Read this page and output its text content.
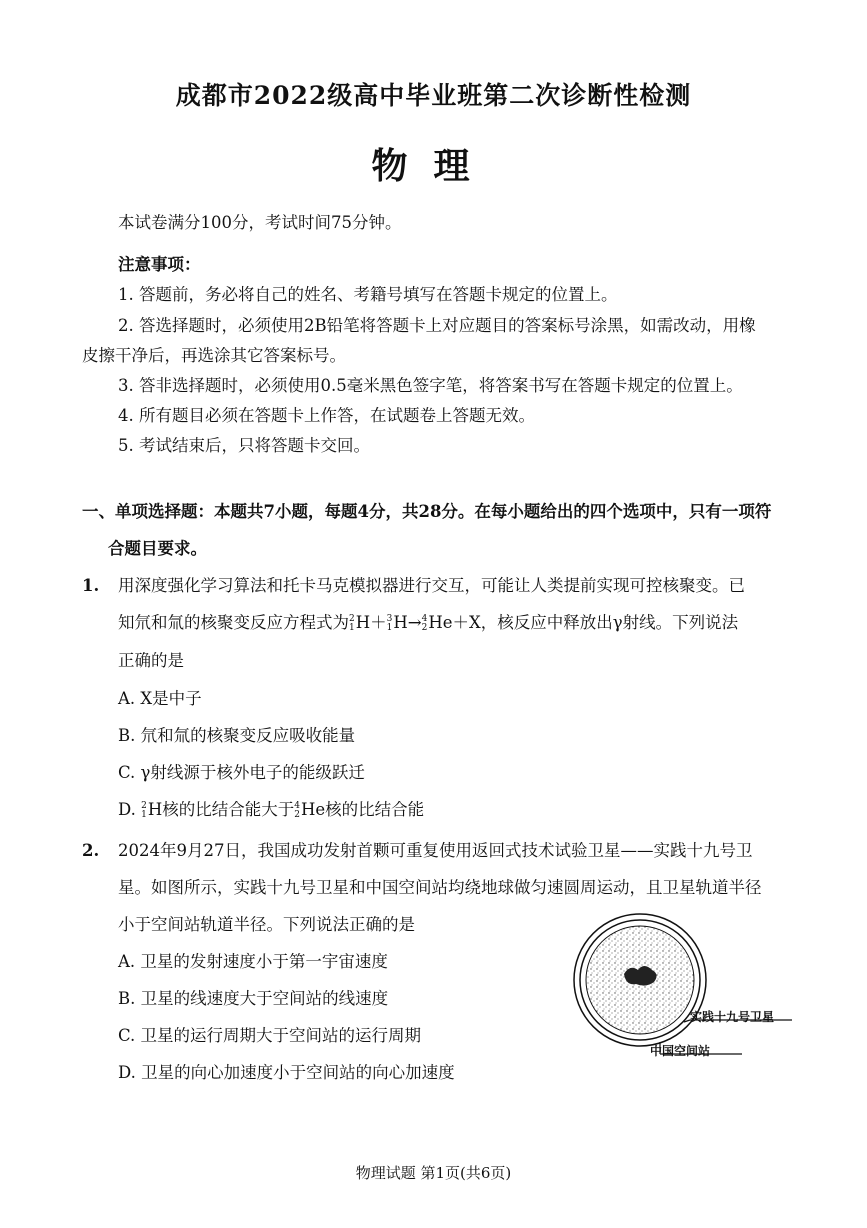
成都市2022级高中毕业班第二次诊断性检测
物理
本试卷满分100分，考试时间75分钟。
注意事项：
1. 答题前，务必将自己的姓名、考籍号填写在答题卡规定的位置上。
2. 答选择题时，必须使用2B铅笔将答题卡上对应题目的答案标号涂黑，如需改动，用橡
皮擦干净后，再选涂其它答案标号。
3. 答非选择题时，必须使用0.5毫米黑色签字笔，将答案书写在答题卡规定的位置上。
4. 所有题目必须在答题卡上作答，在试题卷上答题无效。
5. 考试结束后，只将答题卡交回。
一、单项选择题：本题共7小题，每题4分，共28分。在每小题给出的四个选项中，只有一项符
合题目要求。
1. 用深度强化学习算法和托卡马克模拟器进行交互，可能让人类提前实现可控核聚变。已
知氘和氚的核聚变反应方程式为 2
1 H＋ 3
1 H→ 4
2 He＋X，核反应中释放出γ射线。下列说法
正确的是
A. X是中子
B. 氘和氚的核聚变反应吸收能量
C. γ射线源于核外电子的能级跃迁
D. 2
1 H核的比结合能大于 4
2 He核的比结合能
2. 2024年9月27日，我国成功发射首颗可重复使用返回式技术试验卫星——实践十九号卫
星。如图所示，实践十九号卫星和中国空间站均绕地球做匀速圆周运动，且卫星轨道半径
小于空间站轨道半径。下列说法正确的是
A. 卫星的发射速度小于第一宇宙速度
B. 卫星的线速度大于空间站的线速度
C. 卫星的运行周期大于空间站的运行周期
D. 卫星的向心加速度小于空间站的向心加速度
实践十九号卫星
中国空间站
物理试题 第1页(共6页)
